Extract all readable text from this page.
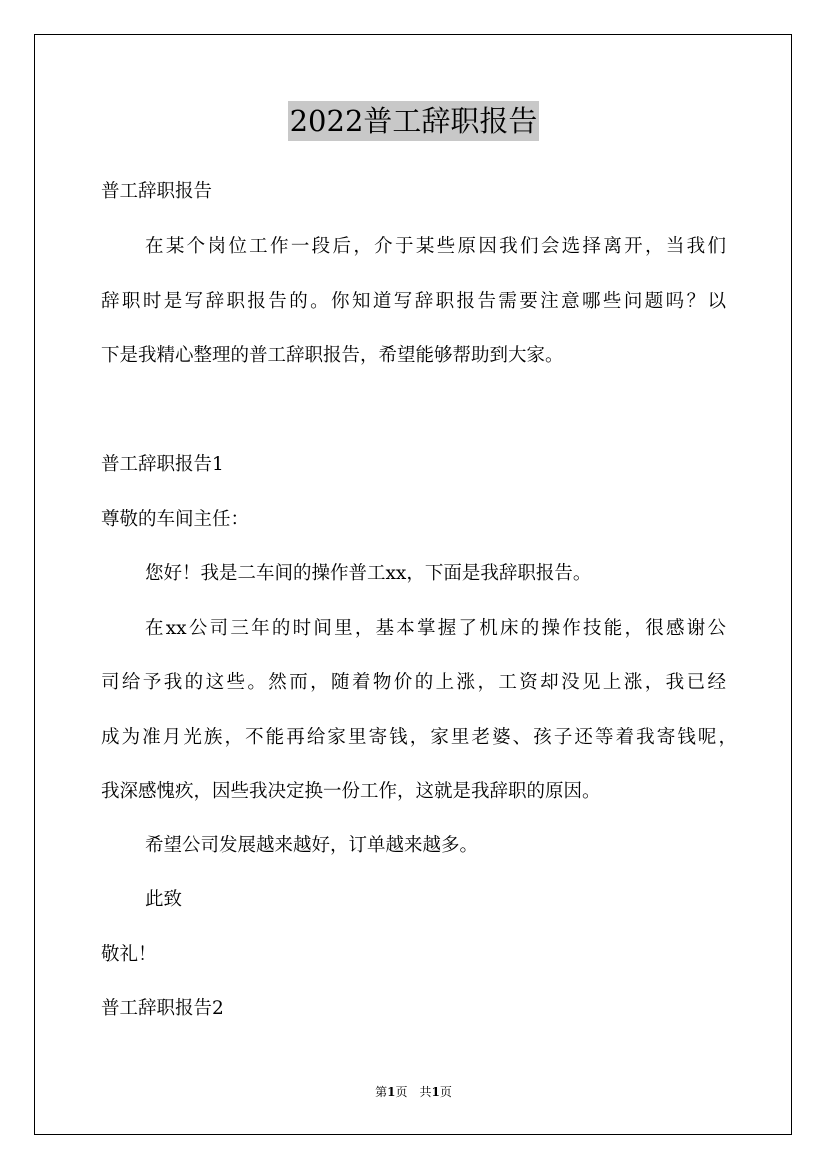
2022普工辞职报告
普工辞职报告
在某个岗位工作一段后，介于某些原因我们会选择离开，当我们
辞职时是写辞职报告的。你知道写辞职报告需要注意哪些问题吗？以
下是我精心整理的普工辞职报告，希望能够帮助到大家。
普工辞职报告1
尊敬的车间主任：
您好！我是二车间的操作普工xx，下面是我辞职报告。
在xx公司三年的时间里，基本掌握了机床的操作技能，很感谢公
司给予我的这些。然而，随着物价的上涨，工资却没见上涨，我已经
成为准月光族，不能再给家里寄钱，家里老婆、孩子还等着我寄钱呢，
我深感愧疚，因些我决定换一份工作，这就是我辞职的原因。
希望公司发展越来越好，订单越来越多。
此致
敬礼！
普工辞职报告2
第1页　共1页
